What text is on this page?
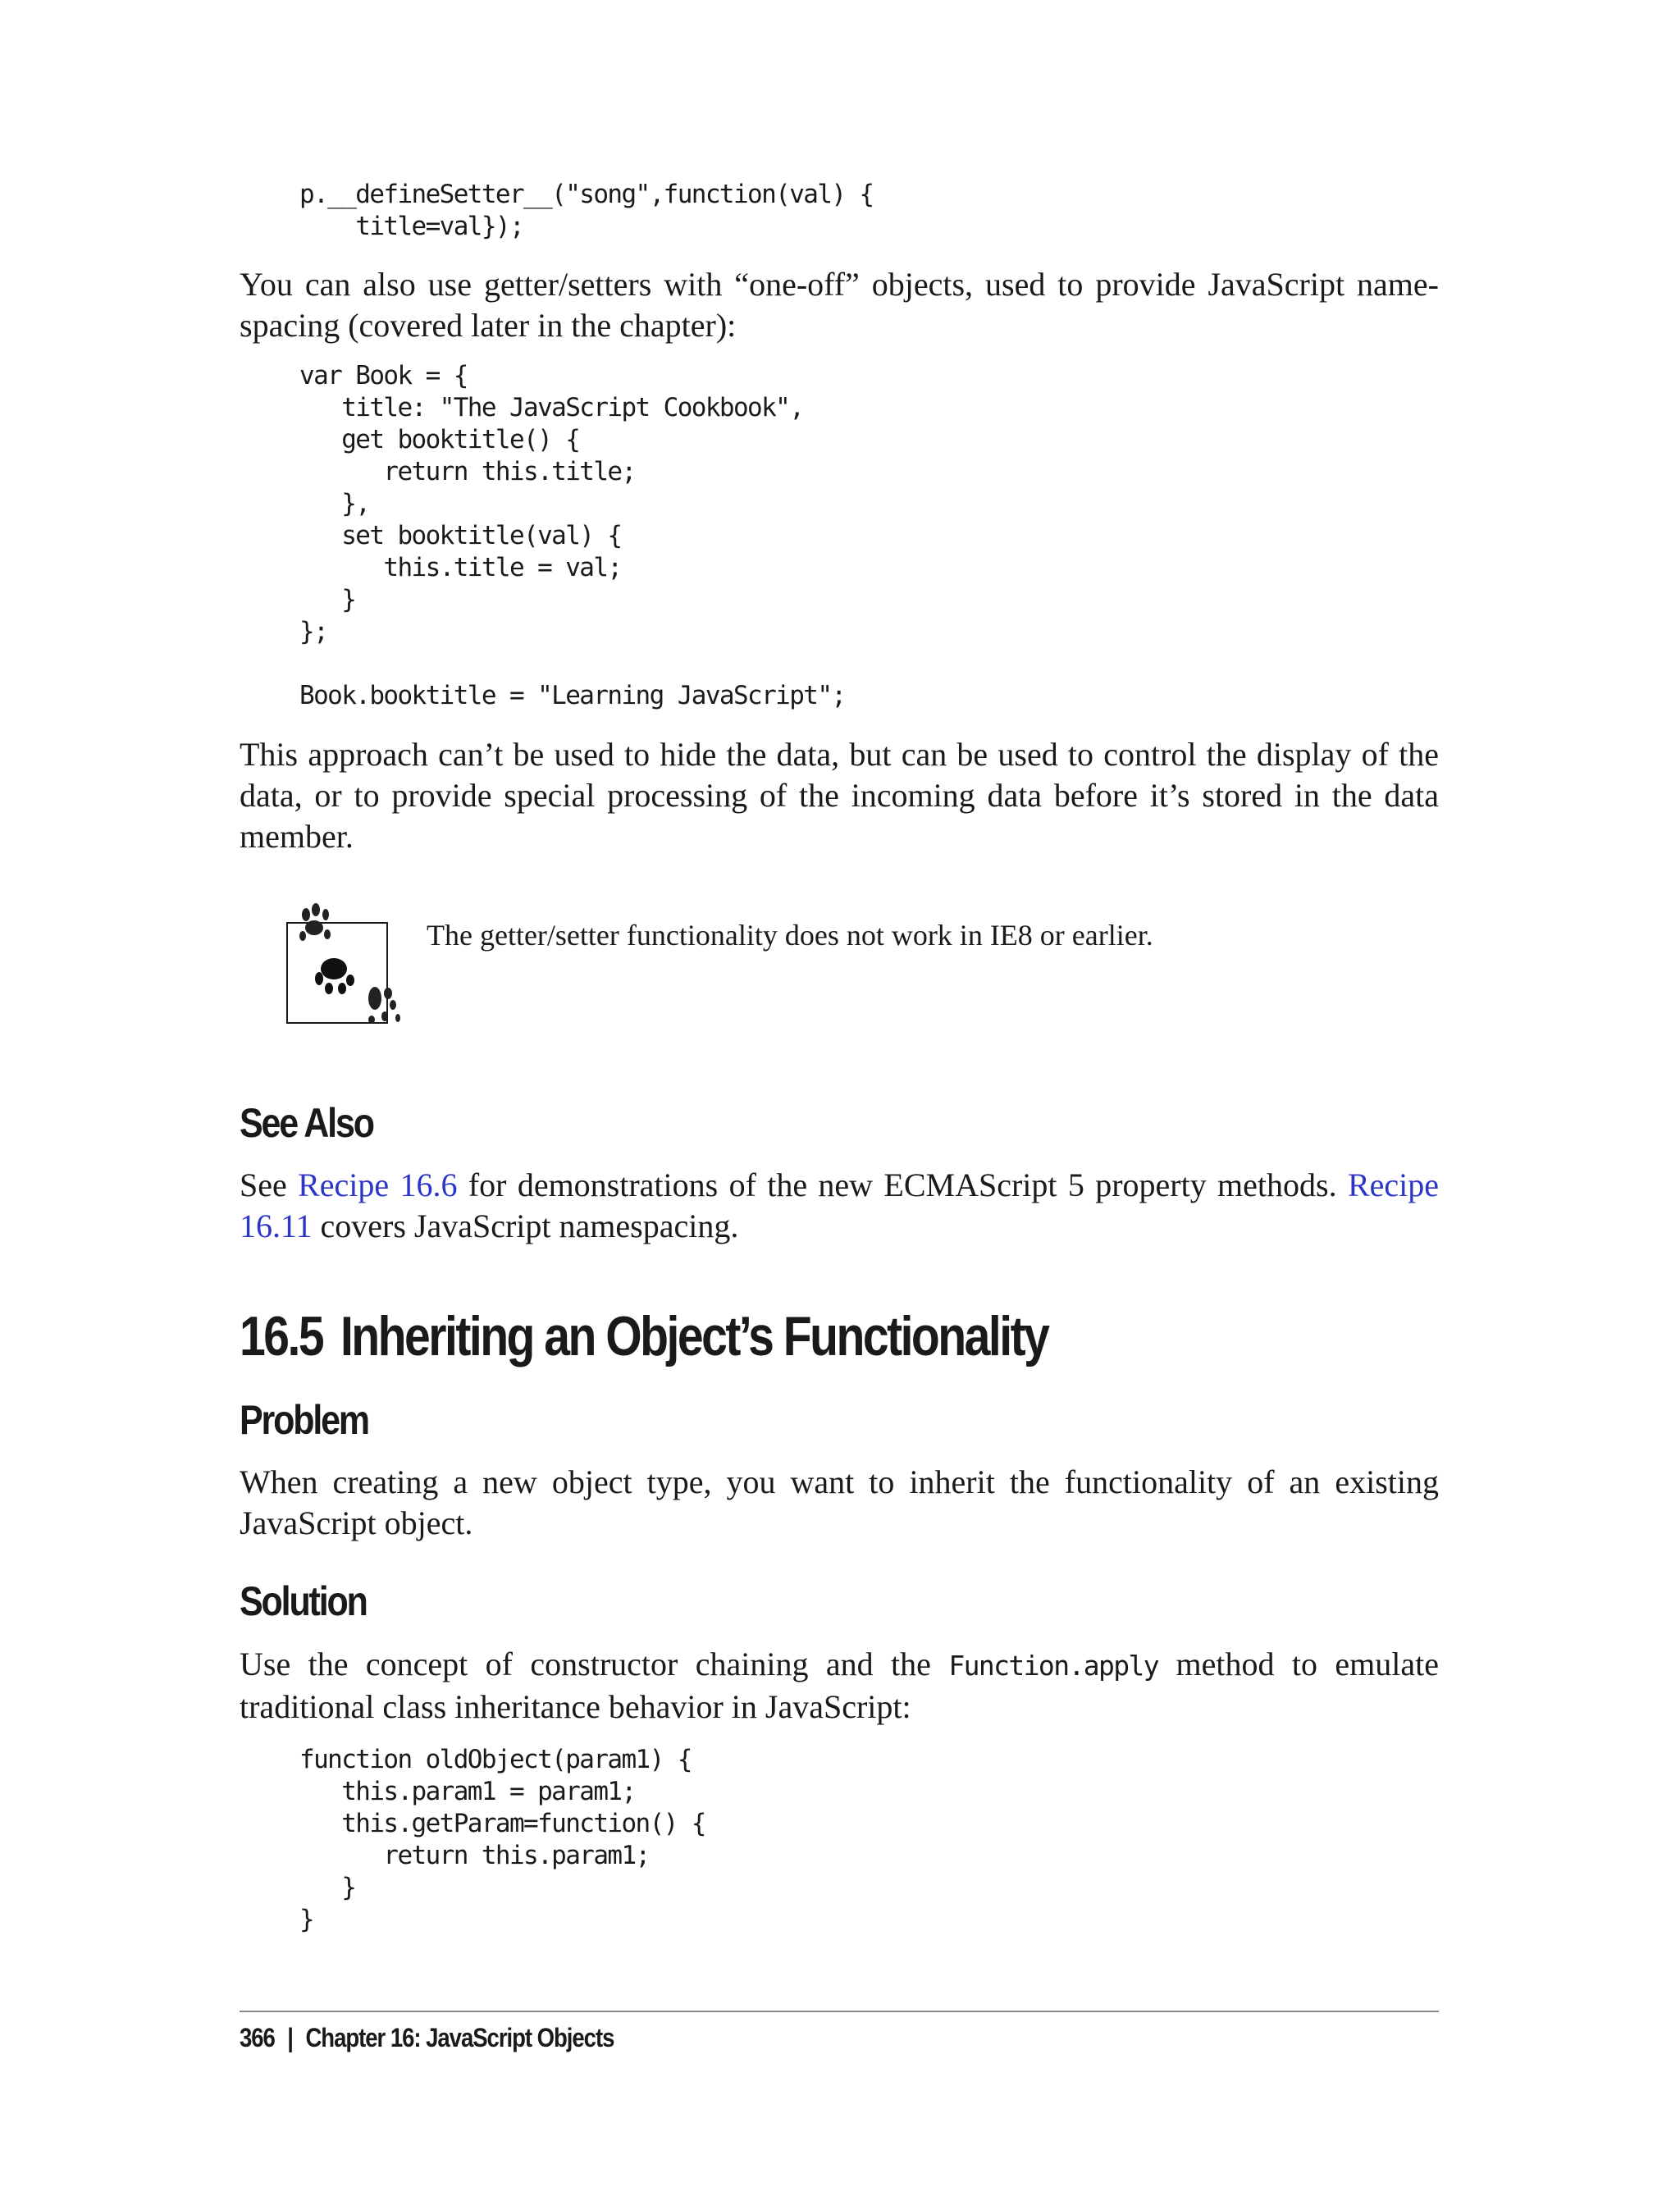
p.__defineSetter__("song",function(val) {
title=val});

You can also use getter/setters with “one-off” objects, used to provide JavaScript name-spacing (covered later in the chapter):

var Book = {
title: "The JavaScript Cookbook",
get booktitle() {
return this.title;
},
set booktitle(val) {
this.title = val;
}
};

Book.booktitle = "Learning JavaScript";

This approach can’t be used to hide the data, but can be used to control the display of the data, or to provide special processing of the incoming data before it’s stored in the data member.

The getter/setter functionality does not work in IE8 or earlier.

See Also

See Recipe 16.6 for demonstrations of the new ECMAScript 5 property methods. Recipe 16.11 covers JavaScript namespacing.

16.5 Inheriting an Object’s Functionality
Problem

When creating a new object type, you want to inherit the functionality of an existing JavaScript object.

Solution

Use the concept of constructor chaining and the Function.apply method to emulate traditional class inheritance behavior in JavaScript:

function oldObject(param1) {
this.param1 = param1;
this.getParam=function() {
return this.param1;
}
}
366 | Chapter 16: JavaScript Objects
